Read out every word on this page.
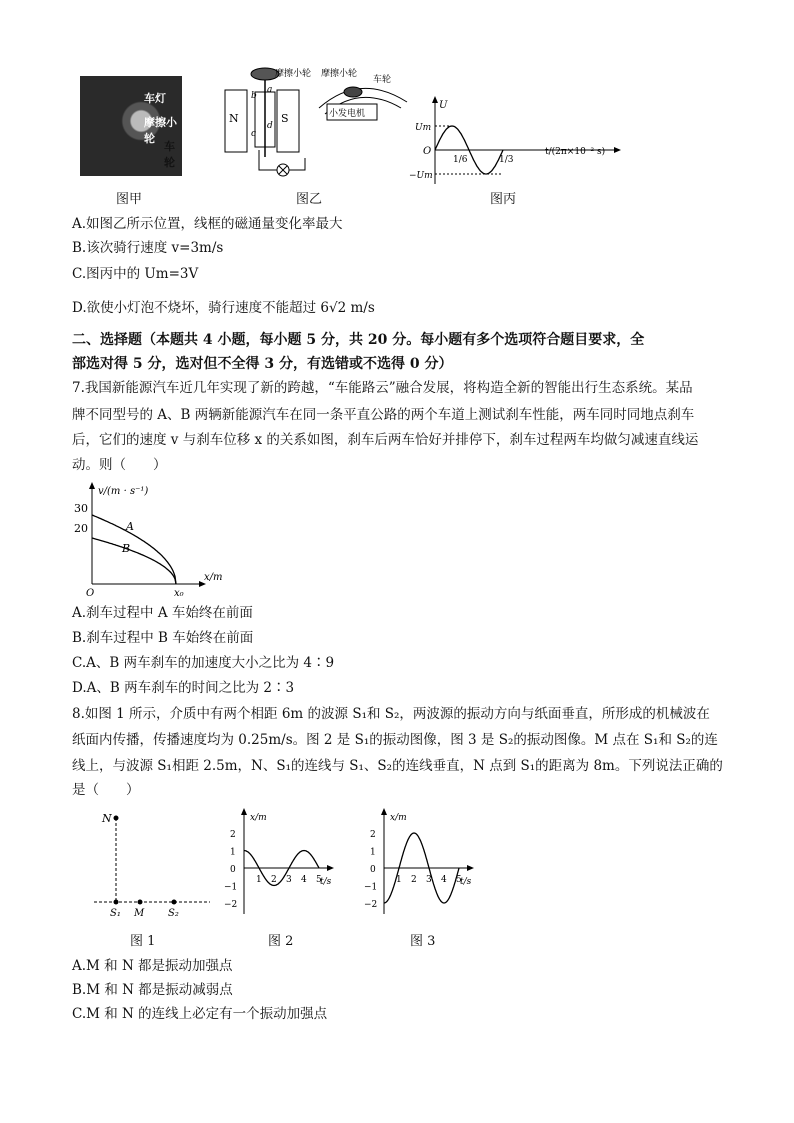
车灯
摩擦小轮
车轮
N	S
a
b
c
d
摩擦小轮
小发电机
摩擦小轮
车轮
U
Um
−Um
O
1/6	1/3
t/(2π×10⁻² s)
图甲	图乙	图丙
A.如图乙所示位置，线框的磁通量变化率最大
B.该次骑行速度 v=3m/s
C.图丙中的 Um=3V
D.欲使小灯泡不烧坏，骑行速度不能超过 6√2 m/s
二、选择题（本题共 4 小题，每小题 5 分，共 20 分。每小题有多个选项符合题目要求，全
部选对得 5 分，选对但不全得 3 分，有选错或不选得 0 分）
7.我国新能源汽车近几年实现了新的跨越，“车能路云”融合发展，将构造全新的智能出行生态系统。某品
牌不同型号的 A、B 两辆新能源汽车在同一条平直公路的两个车道上测试刹车性能，两车同时同地点刹车
后，它们的速度 v 与刹车位移 x 的关系如图，刹车后两车恰好并排停下，刹车过程两车均做匀减速直线运
动。则（　　）
v/(m · s⁻¹)
x/m
30
20
O	x₀
A
B
A.刹车过程中 A 车始终在前面
B.刹车过程中 B 车始终在前面
C.A、B 两车刹车的加速度大小之比为 4∶9
D.A、B 两车刹车的时间之比为 2∶3
8.如图 1 所示，介质中有两个相距 6m 的波源 S₁和 S₂，两波源的振动方向与纸面垂直，所形成的机械波在
纸面内传播，传播速度均为 0.25m/s。图 2 是 S₁的振动图像，图 3 是 S₂的振动图像。M 点在 S₁和 S₂的连
线上，与波源 S₁相距 2.5m，N、S₁的连线与 S₁、S₂的连线垂直，N 点到 S₁的距离为 8m。下列说法正确的
是（　　）
N
S₁ M S₂
x/m
t/s
2
1
0
−1
−2
1 2 3 4 5
x/m
t/s
2
1
0
−1
−2
1 2 3 4 5
图 1	图 2	图 3
A.M 和 N 都是振动加强点
B.M 和 N 都是振动减弱点
C.M 和 N 的连线上必定有一个振动加强点
